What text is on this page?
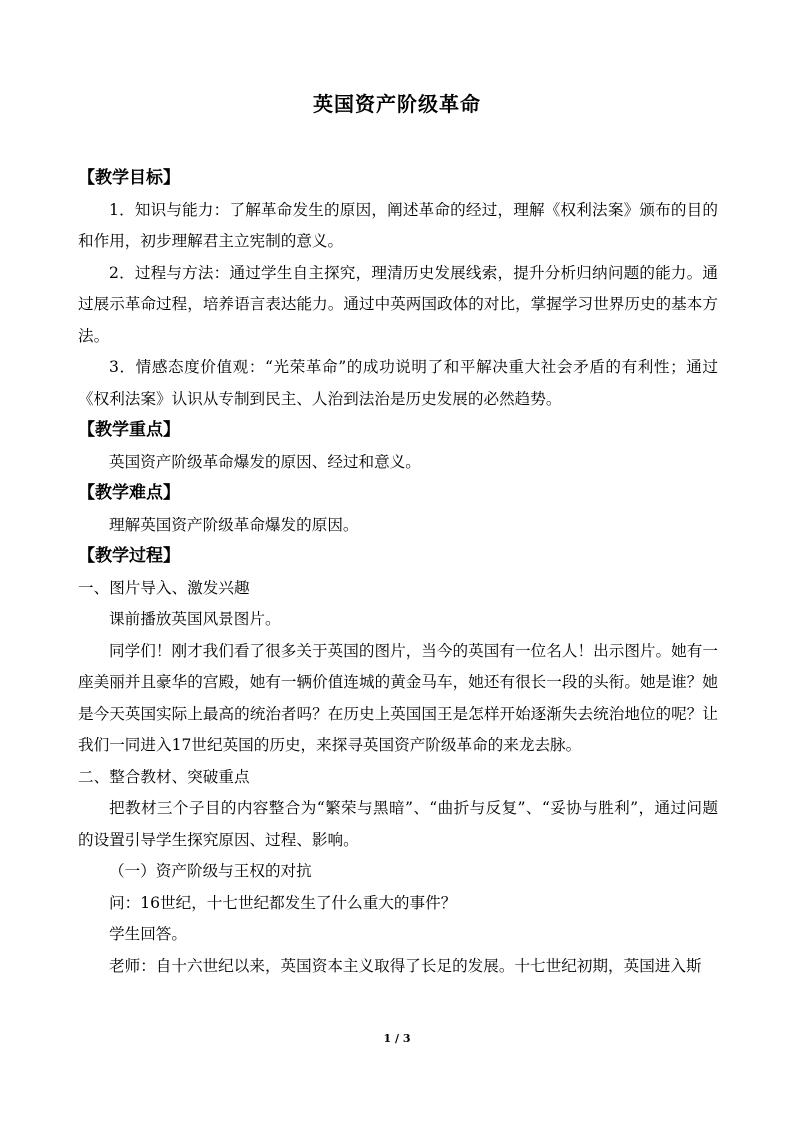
英国资产阶级革命

【教学目标】

1．知识与能力：了解革命发生的原因，阐述革命的经过，理解《权利法案》颁布的目的和作用，初步理解君主立宪制的意义。

2．过程与方法：通过学生自主探究，理清历史发展线索，提升分析归纳问题的能力。通过展示革命过程，培养语言表达能力。通过中英两国政体的对比，掌握学习世界历史的基本方法。

3．情感态度价值观：“光荣革命”的成功说明了和平解决重大社会矛盾的有利性；通过《权利法案》认识从专制到民主、人治到法治是历史发展的必然趋势。

【教学重点】

英国资产阶级革命爆发的原因、经过和意义。

【教学难点】

理解英国资产阶级革命爆发的原因。

【教学过程】

一、图片导入、激发兴趣

课前播放英国风景图片。

同学们！刚才我们看了很多关于英国的图片，当今的英国有一位名人！出示图片。她有一座美丽并且豪华的宫殿，她有一辆价值连城的黄金马车，她还有很长一段的头衔。她是谁？她是今天英国实际上最高的统治者吗？在历史上英国国王是怎样开始逐渐失去统治地位的呢？让我们一同进入17世纪英国的历史，来探寻英国资产阶级革命的来龙去脉。

二、整合教材、突破重点

把教材三个子目的内容整合为“繁荣与黑暗”、“曲折与反复”、“妥协与胜利”，通过问题的设置引导学生探究原因、过程、影响。

（一）资产阶级与王权的对抗

问：16世纪，十七世纪都发生了什么重大的事件？

学生回答。

老师：自十六世纪以来，英国资本主义取得了长足的发展。十七世纪初期，英国进入斯

1 / 3
